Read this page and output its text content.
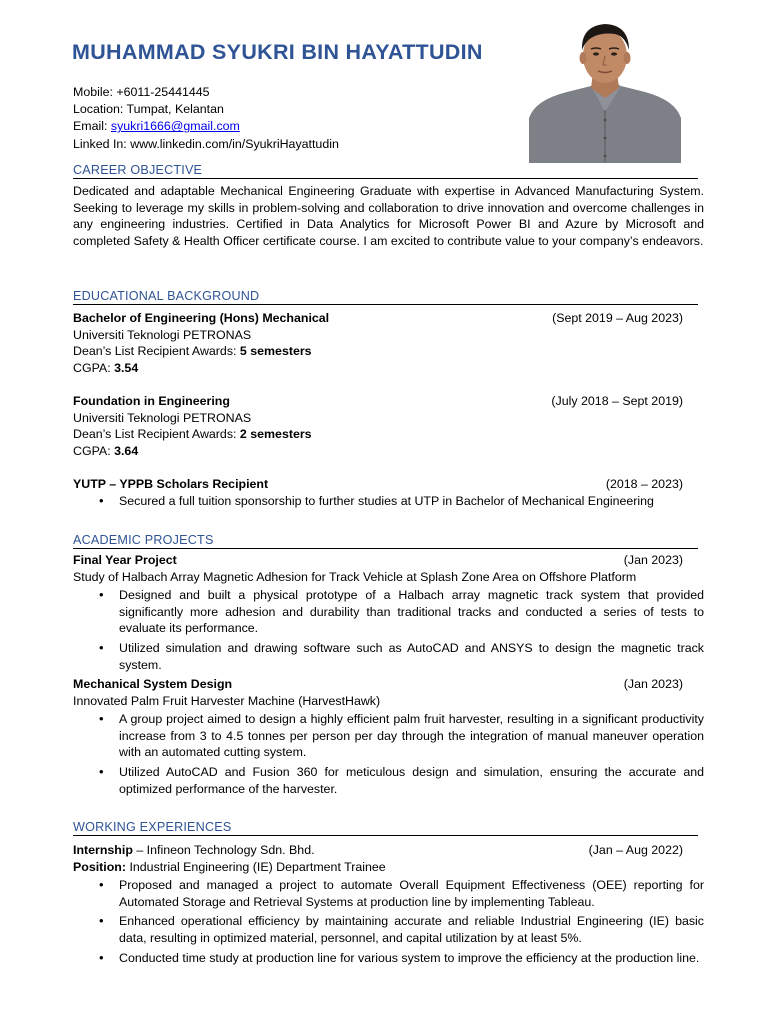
MUHAMMAD SYUKRI BIN HAYATTUDIN
Mobile: +6011-25441445
Location: Tumpat, Kelantan
Email: syukri1666@gmail.com
Linked In: www.linkedin.com/in/SyukriHayattudin
CAREER OBJECTIVE
Dedicated and adaptable Mechanical Engineering Graduate with expertise in Advanced Manufacturing System. Seeking to leverage my skills in problem-solving and collaboration to drive innovation and overcome challenges in any engineering industries. Certified in Data Analytics for Microsoft Power BI and Azure by Microsoft and completed Safety & Health Officer certificate course. I am excited to contribute value to your company’s endeavors.
EDUCATIONAL BACKGROUND
Bachelor of Engineering (Hons) Mechanical	(Sept 2019 – Aug 2023)
Universiti Teknologi PETRONAS
Dean’s List Recipient Awards: 5 semesters
CGPA: 3.54
Foundation in Engineering	(July 2018 – Sept 2019)
Universiti Teknologi PETRONAS
Dean’s List Recipient Awards: 2 semesters
CGPA: 3.64
YUTP – YPPB Scholars Recipient	(2018 – 2023)
• Secured a full tuition sponsorship to further studies at UTP in Bachelor of Mechanical Engineering
ACADEMIC PROJECTS
Final Year Project	(Jan 2023)
Study of Halbach Array Magnetic Adhesion for Track Vehicle at Splash Zone Area on Offshore Platform
• Designed and built a physical prototype of a Halbach array magnetic track system that provided significantly more adhesion and durability than traditional tracks and conducted a series of tests to evaluate its performance.
• Utilized simulation and drawing software such as AutoCAD and ANSYS to design the magnetic track system.
Mechanical System Design	(Jan 2023)
Innovated Palm Fruit Harvester Machine (HarvestHawk)
• A group project aimed to design a highly efficient palm fruit harvester, resulting in a significant productivity increase from 3 to 4.5 tonnes per person per day through the integration of manual maneuver operation with an automated cutting system.
• Utilized AutoCAD and Fusion 360 for meticulous design and simulation, ensuring the accurate and optimized performance of the harvester.
WORKING EXPERIENCES
Internship – Infineon Technology Sdn. Bhd.	(Jan – Aug 2022)
Position: Industrial Engineering (IE) Department Trainee
• Proposed and managed a project to automate Overall Equipment Effectiveness (OEE) reporting for Automated Storage and Retrieval Systems at production line by implementing Tableau.
• Enhanced operational efficiency by maintaining accurate and reliable Industrial Engineering (IE) basic data, resulting in optimized material, personnel, and capital utilization by at least 5%.
• Conducted time study at production line for various system to improve the efficiency at the production line.
